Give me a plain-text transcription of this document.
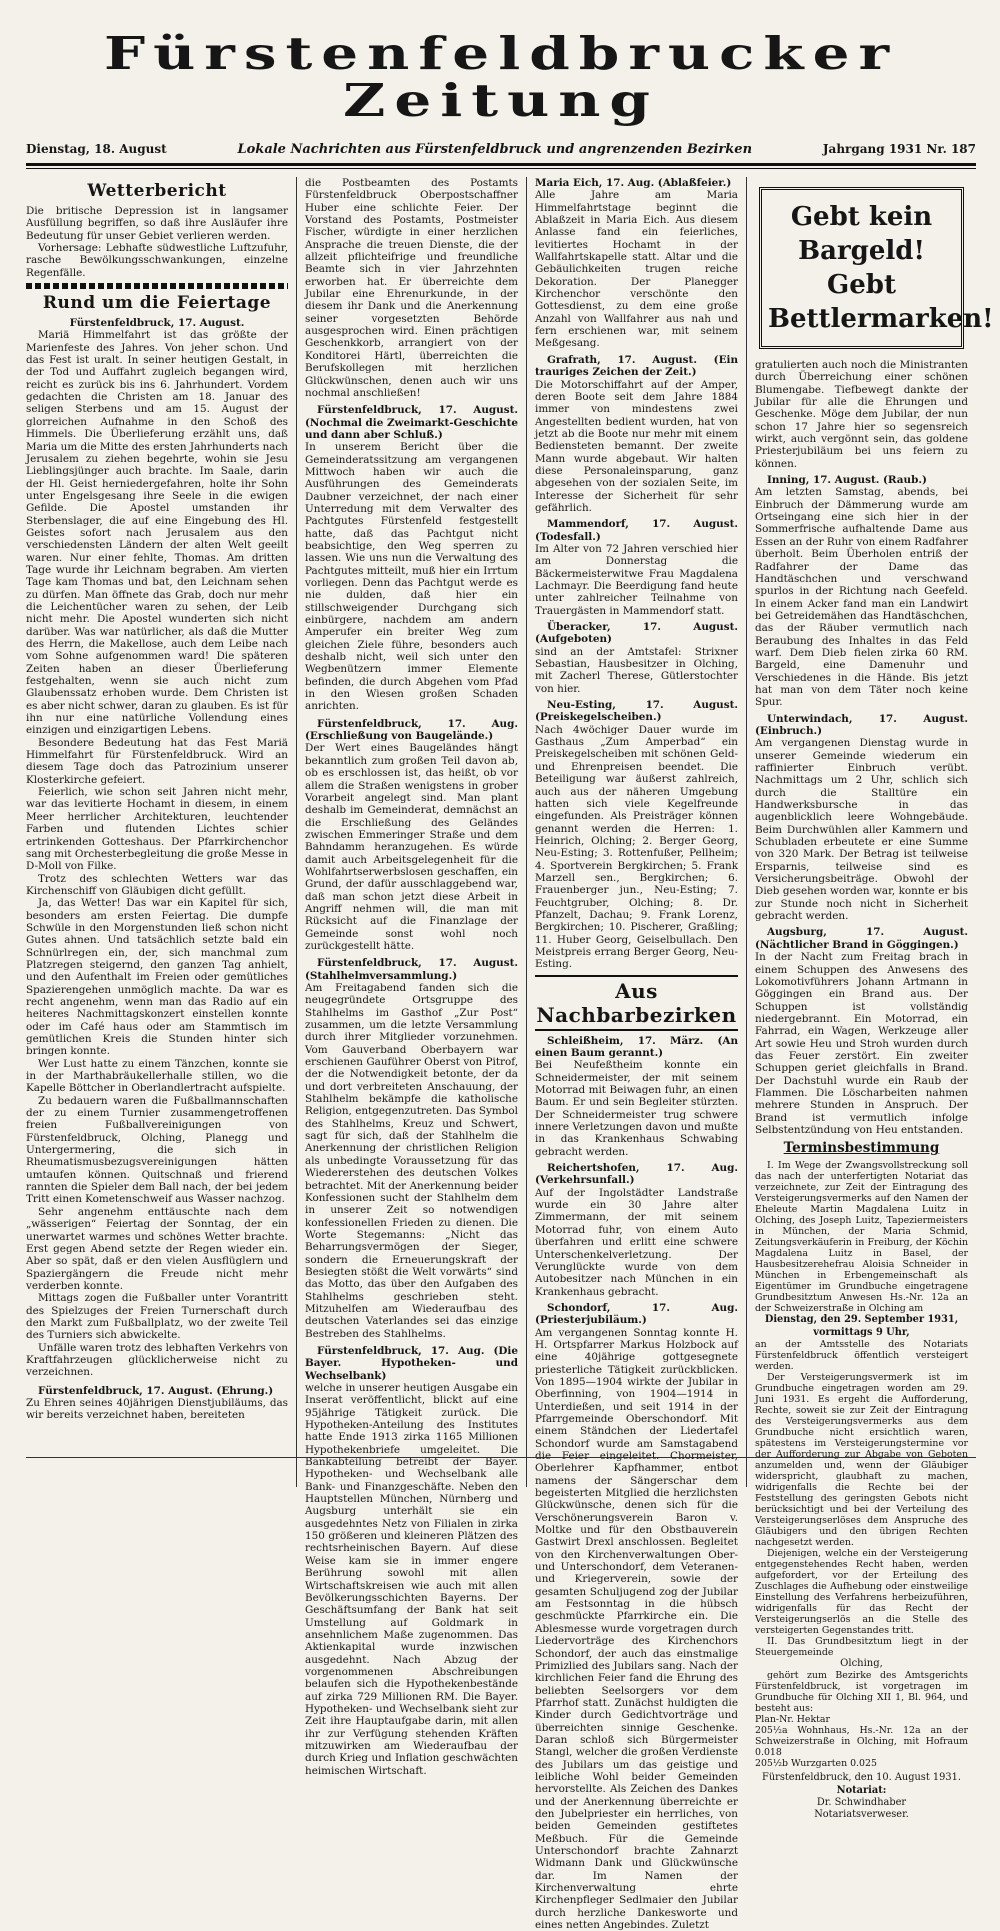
Fürstenfeldbrucker Zeitung
Dienstag, 18. August	Lokale Nachrichten aus Fürstenfeldbruck und angrenzenden Bezirken	Jahrgang 1931 Nr. 187
Wetterbericht

Die britische Depression ist in langsamer Ausfüllung begriffen, so daß ihre Ausläufer ihre Bedeutung für unser Gebiet verlieren werden.

Vorhersage: Lebhafte südwestliche Luftzufuhr, rasche Bewölkungsschwankungen, einzelne Regenfälle.

Rund um die Feiertage

Fürstenfeldbruck, 17. August.

Mariä Himmelfahrt ist das größte der Marienfeste des Jahres. Von jeher schon. Und das Fest ist uralt. In seiner heutigen Gestalt, in der Tod und Auffahrt zugleich begangen wird, reicht es zurück bis ins 6. Jahrhundert. Vordem gedachten die Christen am 18. Januar des seligen Sterbens und am 15. August der glorreichen Aufnahme in den Schoß des Himmels. Die Überlieferung erzählt uns, daß Maria um die Mitte des ersten Jahrhunderts nach Jerusalem zu ziehen begehrte, wohin sie Jesu Lieblingsjünger auch brachte. Im Saale, darin der Hl. Geist herniedergefahren, holte ihr Sohn unter Engelsgesang ihre Seele in die ewigen Gefilde. Die Apostel umstanden ihr Sterbenslager, die auf eine Eingebung des Hl. Geistes sofort nach Jerusalem aus den verschiedensten Ländern der alten Welt geeilt waren. Nur einer fehlte, Thomas. Am dritten Tage wurde ihr Leichnam begraben. Am vierten Tage kam Thomas und bat, den Leichnam sehen zu dürfen. Man öffnete das Grab, doch nur mehr die Leichentücher waren zu sehen, der Leib nicht mehr. Die Apostel wunderten sich nicht darüber. Was war natürlicher, als daß die Mutter des Herrn, die Makellose, auch dem Leibe nach vom Sohne aufgenommen ward! Die späteren Zeiten haben an dieser Überlieferung festgehalten, wenn sie auch nicht zum Glaubenssatz erhoben wurde. Dem Christen ist es aber nicht schwer, daran zu glauben. Es ist für ihn nur eine natürliche Vollendung eines einzigen und einzigartigen Lebens.

Besondere Bedeutung hat das Fest Mariä Himmelfahrt für Fürstenfeldbruck. Wird an diesem Tage doch das Patrozinium unserer Klosterkirche gefeiert.

Feierlich, wie schon seit Jahren nicht mehr, war das levitierte Hochamt in diesem, in einem Meer herrlicher Architekturen, leuchtender Farben und flutenden Lichtes schier ertrinkenden Gotteshaus. Der Pfarrkirchenchor sang mit Orchesterbegleitung die große Messe in D-Moll von Filke.

Trotz des schlechten Wetters war das Kirchenschiff von Gläubigen dicht gefüllt.

Ja, das Wetter! Das war ein Kapitel für sich, besonders am ersten Feiertag. Die dumpfe Schwüle in den Morgenstunden ließ schon nicht Gutes ahnen. Und tatsächlich setzte bald ein Schnürlregen ein, der, sich manchmal zum Platzregen steigernd, den ganzen Tag anhielt, und den Aufenthalt im Freien oder gemütliches Spazierengehen unmöglich machte. Da war es recht angenehm, wenn man das Radio auf ein heiteres Nachmittagskonzert einstellen konnte oder im Café haus oder am Stammtisch im gemütlichen Kreis die Stunden hinter sich bringen konnte.

Wer Lust hatte zu einem Tänzchen, konnte sie in der Marthabräukellerhalle stillen, wo die Kapelle Böttcher in Oberlandlertracht aufspielte.

Zu bedauern waren die Fußballmannschaften der zu einem Turnier zusammengetroffenen freien Fußballvereinigungen von Fürstenfeldbruck, Olching, Planegg und Untergermering, die sich in Rheumatismusbezugsvereinigungen hätten umtaufen können. Quitschnaß und frierend rannten die Spieler dem Ball nach, der bei jedem Tritt einen Kometenschweif aus Wasser nachzog.

Sehr angenehm enttäuschte nach dem „wässerigen“ Feiertag der Sonntag, der ein unerwartet warmes und schönes Wetter brachte. Erst gegen Abend setzte der Regen wieder ein. Aber so spät, daß er den vielen Ausflüglern und Spaziergängern die Freude nicht mehr verderben konnte.

Mittags zogen die Fußballer unter Vorantritt des Spielzuges der Freien Turnerschaft durch den Markt zum Fußballplatz, wo der zweite Teil des Turniers sich abwickelte.

Unfälle waren trotz des lebhaften Verkehrs von Kraftfahrzeugen glücklicherweise nicht zu verzeichnen.

Fürstenfeldbruck, 17. August. (Ehrung.)

Zu Ehren seines 40jährigen Dienstjubiläums, das wir bereits verzeichnet haben, bereiteten

die Postbeamten des Postamts Fürstenfeldbruck Oberpostschaffner Huber eine schlichte Feier. Der Vorstand des Postamts, Postmeister Fischer, würdigte in einer herzlichen Ansprache die treuen Dienste, die der allzeit pflichteifrige und freundliche Beamte sich in vier Jahrzehnten erworben hat. Er überreichte dem Jubilar eine Ehrenurkunde, in der diesem ihr Dank und die Anerkennung seiner vorgesetzten Behörde ausgesprochen wird. Einen prächtigen Geschenkkorb, arrangiert von der Konditorei Härtl, überreichten die Berufskollegen mit herzlichen Glückwünschen, denen auch wir uns nochmal anschließen!

Fürstenfeldbruck, 17. August. (Nochmal die Zweimarkt-Geschichte und dann aber Schluß.)

In unserem Bericht über die Gemeinderatssitzung am vergangenen Mittwoch haben wir auch die Ausführungen des Gemeinderats Daubner verzeichnet, der nach einer Unterredung mit dem Verwalter des Pachtgutes Fürstenfeld festgestellt hatte, daß das Pachtgut nicht beabsichtige, den Weg sperren zu lassen. Wie uns nun die Verwaltung des Pachtgutes mitteilt, muß hier ein Irrtum vorliegen. Denn das Pachtgut werde es nie dulden, daß hier ein stillschweigender Durchgang sich einbürgere, nachdem am andern Amperufer ein breiter Weg zum gleichen Ziele führe, besonders auch deshalb nicht, weil sich unter den Wegbenützern immer Elemente befinden, die durch Abgehen vom Pfad in den Wiesen großen Schaden anrichten.

Fürstenfeldbruck, 17. Aug. (Erschließung von Baugelände.)

Der Wert eines Baugeländes hängt bekanntlich zum großen Teil davon ab, ob es erschlossen ist, das heißt, ob vor allem die Straßen wenigstens in grober Vorarbeit angelegt sind. Man plant deshalb im Gemeinderat, demnächst an die Erschließung des Geländes zwischen Emmeringer Straße und dem Bahndamm heranzugehen. Es würde damit auch Arbeitsgelegenheit für die Wohlfahrtserwerbslosen geschaffen, ein Grund, der dafür ausschlaggebend war, daß man schon jetzt diese Arbeit in Angriff nehmen will, die man mit Rücksicht auf die Finanzlage der Gemeinde sonst wohl noch zurückgestellt hätte.

Fürstenfeldbruck, 17. August. (Stahlhelmversammlung.)

Am Freitagabend fanden sich die neugegründete Ortsgruppe des Stahlhelms im Gasthof „Zur Post“ zusammen, um die letzte Versammlung durch ihrer Mitglieder vorzunehmen. Vom Gauverband Oberbayern war erschienen Gauführer Oberst von Pitrof, der die Notwendigkeit betonte, der da und dort verbreiteten Anschauung, der Stahlhelm bekämpfe die katholische Religion, entgegenzutreten. Das Symbol des Stahlhelms, Kreuz und Schwert, sagt für sich, daß der Stahlhelm die Anerkennung der christlichen Religion als unbedingte Voraussetzung für das Wiedererstehen des deutschen Volkes betrachtet. Mit der Anerkennung beider Konfessionen sucht der Stahlhelm dem in unserer Zeit so notwendigen konfessionellen Frieden zu dienen. Die Worte Stegemanns: „Nicht das Beharrungsvermögen der Sieger, sondern die Erneuerungskraft der Besiegten stößt die Welt vorwärts“ sind das Motto, das über den Aufgaben des Stahlhelms geschrieben steht. Mitzuhelfen am Wiederaufbau des deutschen Vaterlandes sei das einzige Bestreben des Stahlhelms.

Fürstenfeldbruck, 17. Aug. (Die Bayer. Hypotheken- und Wechselbank)

welche in unserer heutigen Ausgabe ein Inserat veröffentlicht, blickt auf eine 95jährige Tätigkeit zurück. Die Hypotheken-Anteilung des Institutes hatte Ende 1913 zirka 1165 Millionen Hypothekenbriefe umgeleitet. Die Bankabteilung betreibt der Bayer. Hypotheken- und Wechselbank alle Bank- und Finanzgeschäfte. Neben den Hauptstellen München, Nürnberg und Augsburg unterhält sie ein ausgedehntes Netz von Filialen in zirka 150 größeren und kleineren Plätzen des rechtsrheinischen Bayern. Auf diese Weise kam sie in immer engere Berührung sowohl mit allen Wirtschaftskreisen wie auch mit allen Bevölkerungsschichten Bayerns. Der Geschäftsumfang der Bank hat seit Umstellung auf Goldmark in ansehnlichem Maße zugenommen. Das Aktienkapital wurde inzwischen ausgedehnt. Nach Abzug der vorgenommenen Abschreibungen belaufen sich die Hypothekenbestände auf zirka 729 Millionen RM. Die Bayer. Hypotheken- und Wechselbank sieht zur Zeit ihre Hauptaufgabe darin, mit allen ihr zur Verfügung stehenden Kräften mitzuwirken am Wiederaufbau der durch Krieg und Inflation geschwächten heimischen Wirtschaft.

Maria Eich, 17. Aug. (Ablaßfeier.)

Alle Jahre am Maria Himmelfahrtstage beginnt die Ablaßzeit in Maria Eich. Aus diesem Anlasse fand ein feierliches, levitiertes Hochamt in der Wallfahrtskapelle statt. Altar und die Gebäulichkeiten trugen reiche Dekoration. Der Planegger Kirchenchor verschönte den Gottesdienst, zu dem eine große Anzahl von Wallfahrer aus nah und fern erschienen war, mit seinem Meßgesang.

Grafrath, 17. August. (Ein trauriges Zeichen der Zeit.)

Die Motorschiffahrt auf der Amper, deren Boote seit dem Jahre 1884 immer von mindestens zwei Angestellten bedient wurden, hat von jetzt ab die Boote nur mehr mit einem Bediensteten bemannt. Der zweite Mann wurde abgebaut. Wir halten diese Personaleinsparung, ganz abgesehen von der sozialen Seite, im Interesse der Sicherheit für sehr gefährlich.

Mammendorf, 17. August. (Todesfall.)

Im Alter von 72 Jahren verschied hier am Donnerstag die Bäckermeisterwitwe Frau Magdalena Lachmayr. Die Beerdigung fand heute unter zahlreicher Teilnahme von Trauergästen in Mammendorf statt.

Überacker, 17. August. (Aufgeboten)

sind an der Amtstafel: Strixner Sebastian, Hausbesitzer in Olching, mit Zacherl Therese, Gütlerstochter von hier.

Neu-Esting, 17. August. (Preiskegelscheiben.)

Nach 4wöchiger Dauer wurde im Gasthaus „Zum Amperbad“ ein Preiskegelscheiben mit schönen Geld- und Ehrenpreisen beendet. Die Beteiligung war äußerst zahlreich, auch aus der näheren Umgebung hatten sich viele Kegelfreunde eingefunden. Als Preisträger können genannt werden die Herren: 1. Heinrich, Olching; 2. Berger Georg, Neu-Esting; 3. Rottenfußer, Pellheim; 4. Sportverein Bergkirchen; 5. Frank Marzell sen., Bergkirchen; 6. Frauenberger jun., Neu-Esting; 7. Feuchtgruber, Olching; 8. Dr. Pfanzelt, Dachau; 9. Frank Lorenz, Bergkirchen; 10. Pischerer, Graßling; 11. Huber Georg, Geiselbullach. Den Meistpreis errang Berger Georg, Neu-Esting.

Aus Nachbarbezirken

Schleißheim, 17. März. (An einen Baum gerannt.)

Bei Neufeßtheim konnte ein Schneidermeister, der mit seinem Motorrad mit Beiwagen fuhr, an einen Baum. Er und sein Begleiter stürzten. Der Schneidermeister trug schwere innere Verletzungen davon und mußte in das Krankenhaus Schwabing gebracht werden.

Reichertshofen, 17. Aug. (Verkehrsunfall.)

Auf der Ingolstädter Landstraße wurde ein 30 Jahre alter Zimmermann, der mit seinem Motorrad fuhr, von einem Auto überfahren und erlitt eine schwere Unterschenkelverletzung. Der Verunglückte wurde von dem Autobesitzer nach München in ein Krankenhaus gebracht.

Schondorf, 17. Aug. (Priesterjubiläum.)

Am vergangenen Sonntag konnte H. H. Ortspfarrer Markus Holzbock auf eine 40jährige gottgesegnete priesterliche Tätigkeit zurückblicken. Von 1895—1904 wirkte der Jubilar in Oberfinning, von 1904—1914 in Unterdießen, und seit 1914 in der Pfarrgemeinde Oberschondorf. Mit einem Ständchen der Liedertafel Schondorf wurde am Samstagabend die Feier eingeleitet. Chormeister, Oberlehrer Kapfhammer, entbot namens der Sängerschar dem begeisterten Mitglied die herzlichsten Glückwünsche, denen sich für die Verschönerungsverein Baron v. Moltke und für den Obstbauverein Gastwirt Drexl anschlossen. Begleitet von den Kirchenverwaltungen Ober- und Unterschondorf, dem Veteranen- und Kriegerverein, sowie der gesamten Schuljugend zog der Jubilar am Festsonntag in die hübsch geschmückte Pfarrkirche ein. Die Ablesmesse wurde vorgetragen durch Liedervorträge des Kirchenchors Schondorf, der auch das einstmalige Primizlied des Jubilars sang. Nach der kirchlichen Feier fand die Ehrung des beliebten Seelsorgers vor dem Pfarrhof statt. Zunächst huldigten die Kinder durch Gedichtvorträge und überreichten sinnige Geschenke. Daran schloß sich Bürgermeister Stangl, welcher die großen Verdienste des Jubilars um das geistige und leibliche Wohl beider Gemeinden hervorstellte. Als Zeichen des Dankes und der Anerkennung überreichte er den Jubelpriester ein herrliches, von beiden Gemeinden gestiftetes Meßbuch. Für die Gemeinde Unterschondorf brachte Zahnarzt Widmann Dank und Glückwünsche dar. Im Namen der Kirchenverwaltung ehrte Kirchenpfleger Sedlmaier den Jubilar durch herzliche Dankesworte und eines netten Angebindes. Zuletzt

Gebt kein Bargeld!
Gebt Bettlermarken!

gratulierten auch noch die Ministranten durch Überreichung einer schönen Blumengabe. Tiefbewegt dankte der Jubilar für alle die Ehrungen und Geschenke. Möge dem Jubilar, der nun schon 17 Jahre hier so segensreich wirkt, auch vergönnt sein, das goldene Priesterjubiläum bei uns feiern zu können.

Inning, 17. August. (Raub.)

Am letzten Samstag, abends, bei Einbruch der Dämmerung wurde am Ortseingang eine sich hier in der Sommerfrische aufhaltende Dame aus Essen an der Ruhr von einem Radfahrer überholt. Beim Überholen entriß der Radfahrer der Dame das Handtäschchen und verschwand spurlos in der Richtung nach Geefeld. In einem Acker fand man ein Landwirt bei Getreidemähen das Handtäschchen, das der Räuber vermutlich nach Beraubung des Inhaltes in das Feld warf. Dem Dieb fielen zirka 60 RM. Bargeld, eine Damenuhr und Verschiedenes in die Hände. Bis jetzt hat man von dem Täter noch keine Spur.

Unterwindach, 17. August. (Einbruch.)

Am vergangenen Dienstag wurde in unserer Gemeinde wiederum ein raffinierter Einbruch verübt. Nachmittags um 2 Uhr, schlich sich durch die Stalltüre ein Handwerksbursche in das augenblicklich leere Wohngebäude. Beim Durchwühlen aller Kammern und Schubladen erbeutete er eine Summe von 320 Mark. Der Betrag ist teilweise Ersparnis, teilweise sind es Versicherungsbeiträge. Obwohl der Dieb gesehen worden war, konnte er bis zur Stunde noch nicht in Sicherheit gebracht werden.

Augsburg, 17. August. (Nächtlicher Brand in Göggingen.)

In der Nacht zum Freitag brach in einem Schuppen des Anwesens des Lokomotivführers Johann Artmann in Göggingen ein Brand aus. Der Schuppen ist vollständig niedergebrannt. Ein Motorrad, ein Fahrrad, ein Wagen, Werkzeuge aller Art sowie Heu und Stroh wurden durch das Feuer zerstört. Ein zweiter Schuppen geriet gleichfalls in Brand. Der Dachstuhl wurde ein Raub der Flammen. Die Löscharbeiten nahmen mehrere Stunden in Anspruch. Der Brand ist vermutlich infolge Selbstentzündung von Heu entstanden.

Terminsbestimmung

I. Im Wege der Zwangsvollstreckung soll das nach der unterfertigten Notariat das verzeichnete, zur Zeit der Eintragung des Versteigerungsvermerks auf den Namen der Eheleute Martin Magdalena Luitz in Olching, des Joseph Luitz, Tapeziermeisters in München, der Maria Schmid, Zeitungsverkäuferin in Freiburg, der Köchin Magdalena Luitz in Basel, der Hausbesitzerehefrau Aloisia Schneider in München in Erbengemeinschaft als Eigentümer im Grundbuche eingetragene Grundbesitztum Anwesen Hs.-Nr. 12a an der Schweizerstraße in Olching am

Dienstag, den 29. September 1931,

vormittags 9 Uhr,

an der Amtsstelle des Notariats Fürstenfeldbruck öffentlich versteigert werden.

Der Versteigerungsvermerk ist im Grundbuche eingetragen worden am 29. Juni 1931. Es ergeht die Aufforderung, Rechte, soweit sie zur Zeit der Eintragung des Versteigerungsvermerks aus dem Grundbuche nicht ersichtlich waren, spätestens im Versteigerungstermine vor der Aufforderung zur Abgabe von Geboten anzumelden und, wenn der Gläubiger widerspricht, glaubhaft zu machen, widrigenfalls die Rechte bei der Feststellung des geringsten Gebots nicht berücksichtigt und bei der Verteilung des Versteigerungserlöses dem Anspruche des Gläubigers und den übrigen Rechten nachgesetzt werden.

Diejenigen, welche ein der Versteigerung entgegenstehendes Recht haben, werden aufgefordert, vor der Erteilung des Zuschlages die Aufhebung oder einstweilige Einstellung des Verfahrens herbeizuführen, widrigenfalls für das Recht der Versteigerungserlös an die Stelle des versteigerten Gegenstandes tritt.

II. Das Grundbesitztum liegt in der Steuergemeinde

Olching,

gehört zum Bezirke des Amtsgerichts Fürstenfeldbruck, ist vorgetragen im Grundbuche für Olching XII 1, Bl. 964, und besteht aus:

Plan-Nr. Hektar

205½a Wohnhaus, Hs.-Nr. 12a an der Schweizerstraße in Olching, mit Hofraum 0.018

205½b Wurzgarten 0.025

Fürstenfeldbruck, den 10. August 1931.

Notariat:

Dr. Schwindhaber

Notariatsverweser.
